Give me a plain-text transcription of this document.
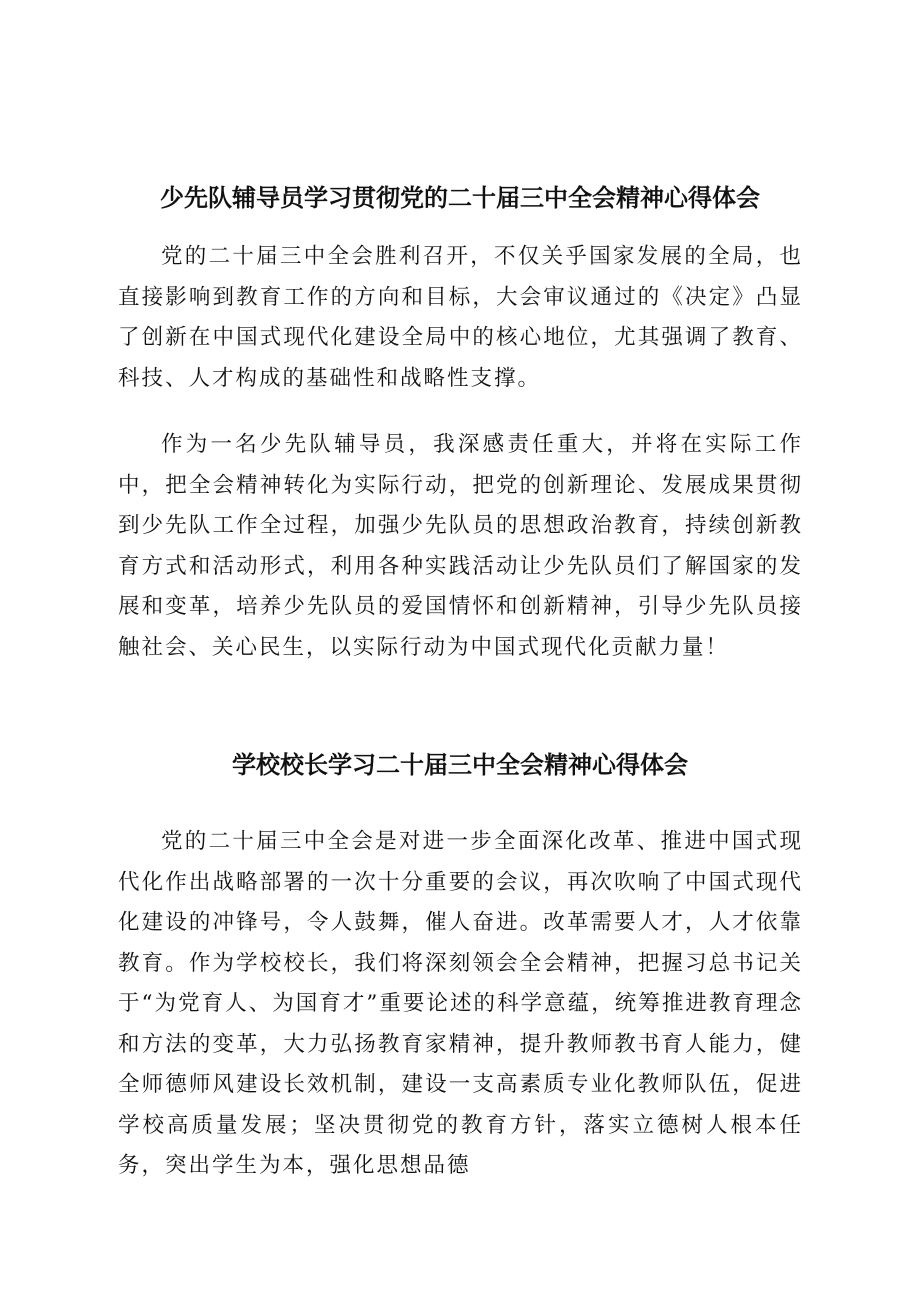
少先队辅导员学习贯彻党的二十届三中全会精神心得体会

党的二十届三中全会胜利召开，不仅关乎国家发展的全局，也直接影响到教育工作的方向和目标，大会审议通过的《决定》凸显了创新在中国式现代化建设全局中的核心地位，尤其强调了教育、科技、人才构成的基础性和战略性支撑。

作为一名少先队辅导员，我深感责任重大，并将在实际工作中，把全会精神转化为实际行动，把党的创新理论、发展成果贯彻到少先队工作全过程，加强少先队员的思想政治教育，持续创新教育方式和活动形式，利用各种实践活动让少先队员们了解国家的发展和变革，培养少先队员的爱国情怀和创新精神，引导少先队员接触社会、关心民生，以实际行动为中国式现代化贡献力量！

学校校长学习二十届三中全会精神心得体会

党的二十届三中全会是对进一步全面深化改革、推进中国式现代化作出战略部署的一次十分重要的会议，再次吹响了中国式现代化建设的冲锋号，令人鼓舞，催人奋进。改革需要人才，人才依靠教育。作为学校校长，我们将深刻领会全会精神，把握习总书记关于“为党育人、为国育才”重要论述的科学意蕴，统筹推进教育理念和方法的变革，大力弘扬教育家精神，提升教师教书育人能力，健全师德师风建设长效机制，建设一支高素质专业化教师队伍，促进学校高质量发展；坚决贯彻党的教育方针，落实立德树人根本任务，突出学生为本，强化思想品德
